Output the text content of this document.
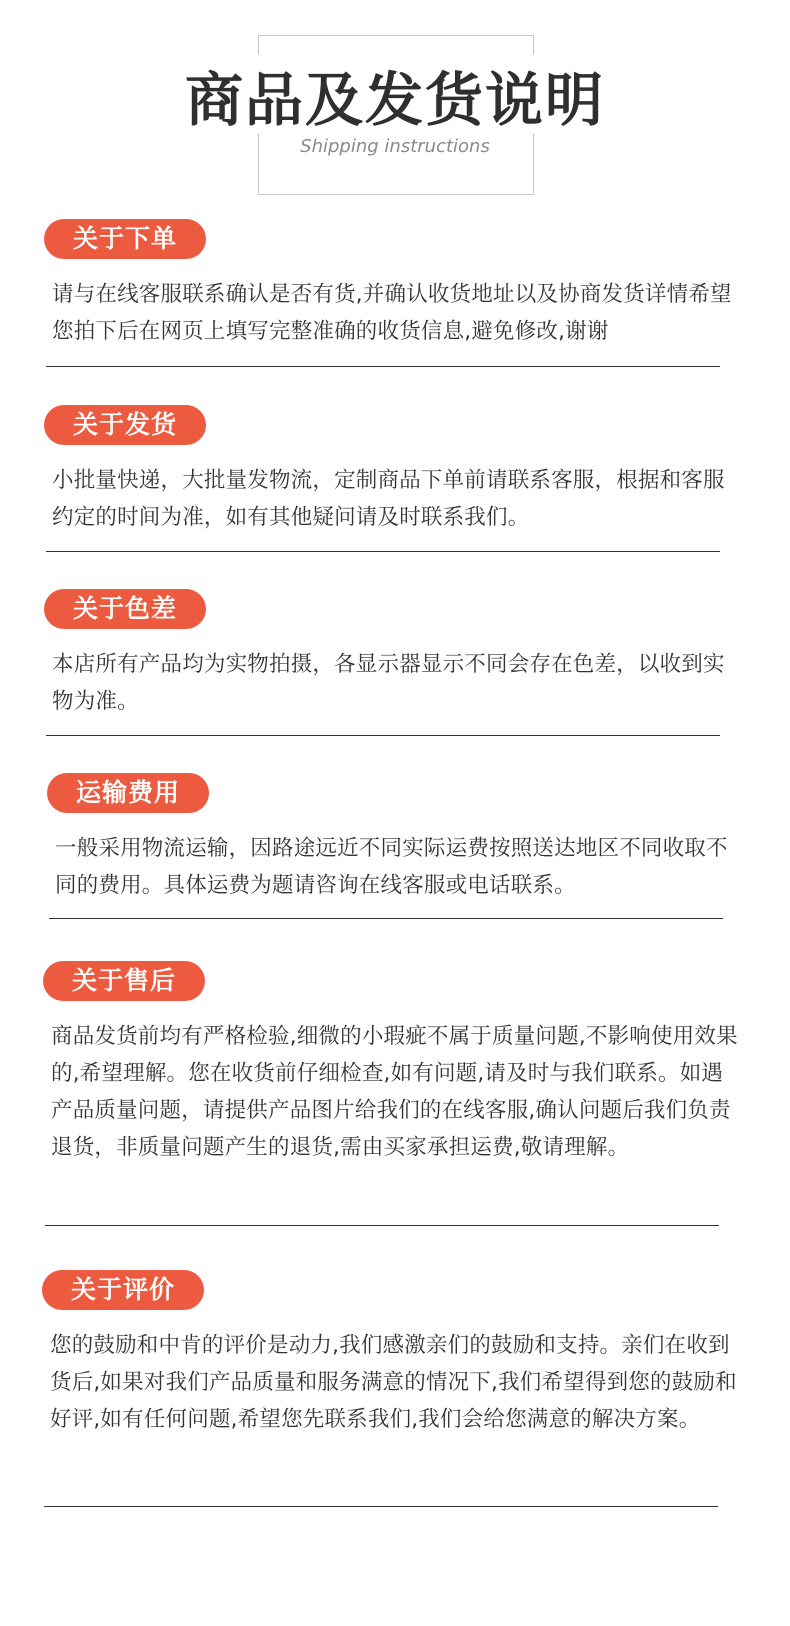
商品及发货说明
Shipping instructions
关于下单
请与在线客服联系确认是否有货,并确认收货地址以及协商发货详情希望您拍下后在网页上填写完整准确的收货信息,避免修改,谢谢
关于发货
小批量快递，大批量发物流，定制商品下单前请联系客服，根据和客服约定的时间为准，如有其他疑问请及时联系我们。
关于色差
本店所有产品均为实物拍摄，各显示器显示不同会存在色差，以收到实物为准。
运输费用
一般采用物流运输，因路途远近不同实际运费按照送达地区不同收取不同的费用。具体运费为题请咨询在线客服或电话联系。
关于售后
商品发货前均有严格检验,细微的小瑕疵不属于质量问题,不影响使用效果的,希望理解。您在收货前仔细检查,如有问题,请及时与我们联系。如遇产品质量问题，请提供产品图片给我们的在线客服,确认问题后我们负责退货，非质量问题产生的退货,需由买家承担运费,敬请理解。
关于评价
您的鼓励和中肯的评价是动力,我们感激亲们的鼓励和支持。亲们在收到货后,如果对我们产品质量和服务满意的情况下,我们希望得到您的鼓励和好评,如有任何问题,希望您先联系我们,我们会给您满意的解决方案。
